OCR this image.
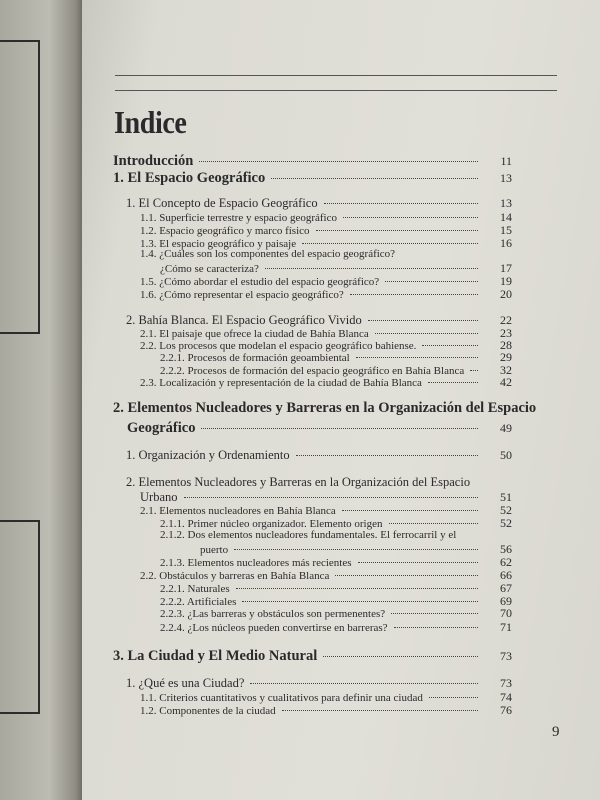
Indice
Introducción	11
1. El Espacio Geográfico	13
1. El Concepto de Espacio Geográfico	13
1.1. Superficie terrestre y espacio geográfico	14
1.2. Espacio geográfico y marco físico	15
1.3. El espacio geográfico y paisaje	16
1.4. ¿Cuáles son los componentes del espacio geográfico?
¿Cómo se caracteriza?	17
1.5. ¿Cómo abordar el estudio del espacio geográfico?	19
1.6. ¿Cómo representar el espacio geográfico?	20
2. Bahía Blanca. El Espacio Geográfico Vivido	22
2.1. El paisaje que ofrece la ciudad de Bahía Blanca	23
2.2. Los procesos que modelan el espacio geográfico bahiense.	28
2.2.1. Procesos de formación geoambiental	29
2.2.2. Procesos de formación del espacio geográfico en Bahía Blanca	32
2.3. Localización y representación de la ciudad de Bahía Blanca	42
2. Elementos Nucleadores y Barreras en la Organización del Espacio
Geográfico	49
1. Organización y Ordenamiento	50
2. Elementos Nucleadores y Barreras en la Organización del Espacio
Urbano	51
2.1. Elementos nucleadores en Bahía Blanca	52
2.1.1. Primer núcleo organizador. Elemento origen	52
2.1.2. Dos elementos nucleadores fundamentales. El ferrocarril y el
puerto	56
2.1.3. Elementos nucleadores más recientes	62
2.2. Obstáculos y barreras en Bahía Blanca	66
2.2.1. Naturales	67
2.2.2. Artificiales	69
2.2.3. ¿Las barreras y obstáculos son permenentes?	70
2.2.4. ¿Los núcleos pueden convertirse en barreras?	71
3. La Ciudad y El Medio Natural	73
1. ¿Qué es una Ciudad?	73
1.1. Criterios cuantitativos y cualitativos para definir una ciudad	74
1.2. Componentes de la ciudad	76
9
